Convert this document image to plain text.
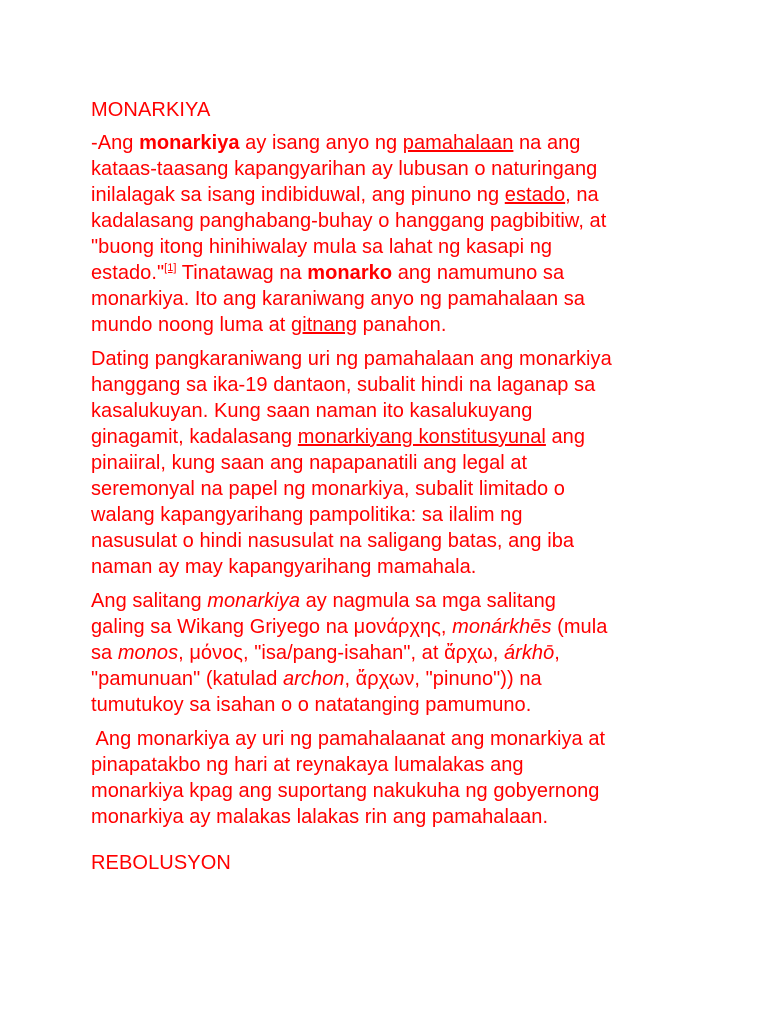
MONARKIYA
-Ang monarkiya ay isang anyo ng pamahalaan na ang
kataas-taasang kapangyarihan ay lubusan o naturingang
inilalagak sa isang indibiduwal, ang pinuno ng estado, na
kadalasang panghabang-buhay o hanggang pagbibitiw, at
"buong itong hinihiwalay mula sa lahat ng kasapi ng
estado."[1] Tinatawag na monarko ang namumuno sa
monarkiya. Ito ang karaniwang anyo ng pamahalaan sa
mundo noong luma at gitnang panahon.
Dating pangkaraniwang uri ng pamahalaan ang monarkiya
hanggang sa ika-19 dantaon, subalit hindi na laganap sa
kasalukuyan. Kung saan naman ito kasalukuyang
ginagamit, kadalasang monarkiyang konstitusyunal ang
pinaiiral, kung saan ang napapanatili ang legal at
seremonyal na papel ng monarkiya, subalit limitado o
walang kapangyarihang pampolitika: sa ilalim ng
nasusulat o hindi nasusulat na saligang batas, ang iba
naman ay may kapangyarihang mamahala.
Ang salitang monarkiya ay nagmula sa mga salitang
galing sa Wikang Griyego na μονάρχης, monárkhēs (mula
sa monos, μόνος, "isa/pang-isahan", at ἄρχω, árkhō,
"pamunuan" (katulad archon, ἄρχων, "pinuno")) na
tumutukoy sa isahan o o natatanging pamumuno.
Ang monarkiya ay uri ng pamahalaanat ang monarkiya at
pinapatakbo ng hari at reynakaya lumalakas ang
monarkiya kpag ang suportang nakukuha ng gobyernong
monarkiya ay malakas lalakas rin ang pamahalaan.
REBOLUSYON
